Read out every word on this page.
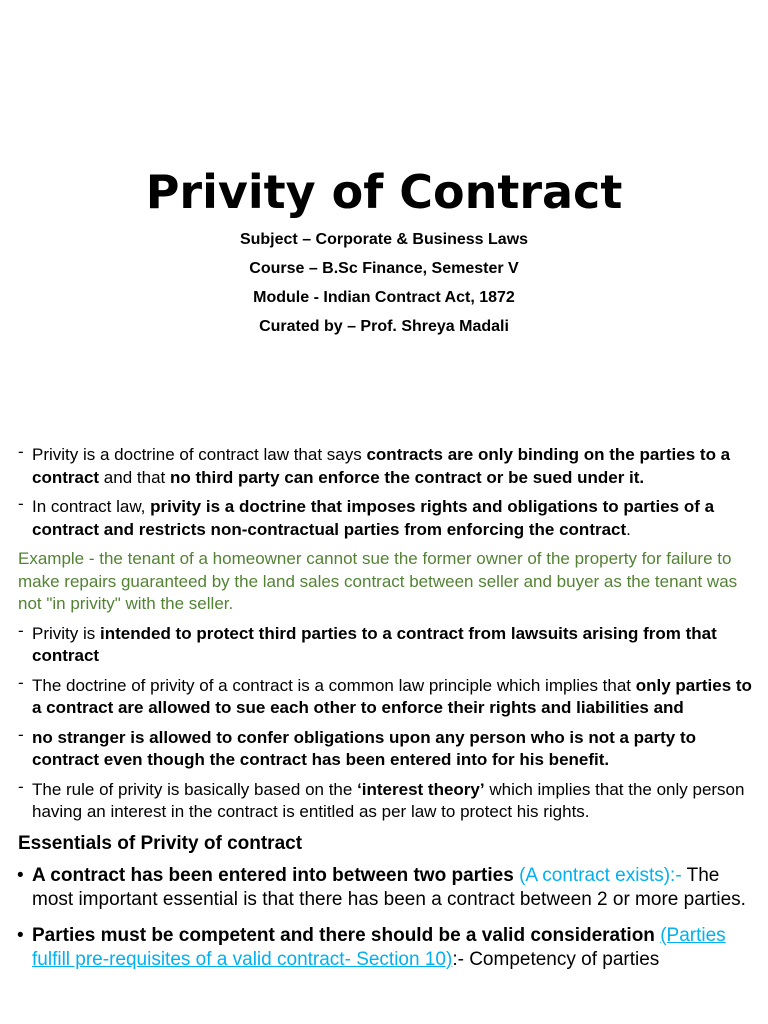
Privity of Contract
Subject – Corporate & Business Laws
Course – B.Sc Finance, Semester V
Module - Indian Contract Act, 1872
Curated by – Prof. Shreya Madali
- Privity is a doctrine of contract law that says contracts are only binding on the parties to a contract and that no third party can enforce the contract or be sued under it.
- In contract law, privity is a doctrine that imposes rights and obligations to parties of a contract and restricts non-contractual parties from enforcing the contract.
Example - the tenant of a homeowner cannot sue the former owner of the property for failure to make repairs guaranteed by the land sales contract between seller and buyer as the tenant was not "in privity" with the seller.
- Privity is intended to protect third parties to a contract from lawsuits arising from that contract
- The doctrine of privity of a contract is a common law principle which implies that only parties to a contract are allowed to sue each other to enforce their rights and liabilities and
- no stranger is allowed to confer obligations upon any person who is not a party to contract even though the contract has been entered into for his benefit.
- The rule of privity is basically based on the ‘interest theory’ which implies that the only person having an interest in the contract is entitled as per law to protect his rights.
Essentials of Privity of contract
• A contract has been entered into between two parties (A contract exists):- The most important essential is that there has been a contract between 2 or more parties.
• Parties must be competent and there should be a valid consideration (Parties fulfill pre-requisites of a valid contract- Section 10):- Competency of parties
